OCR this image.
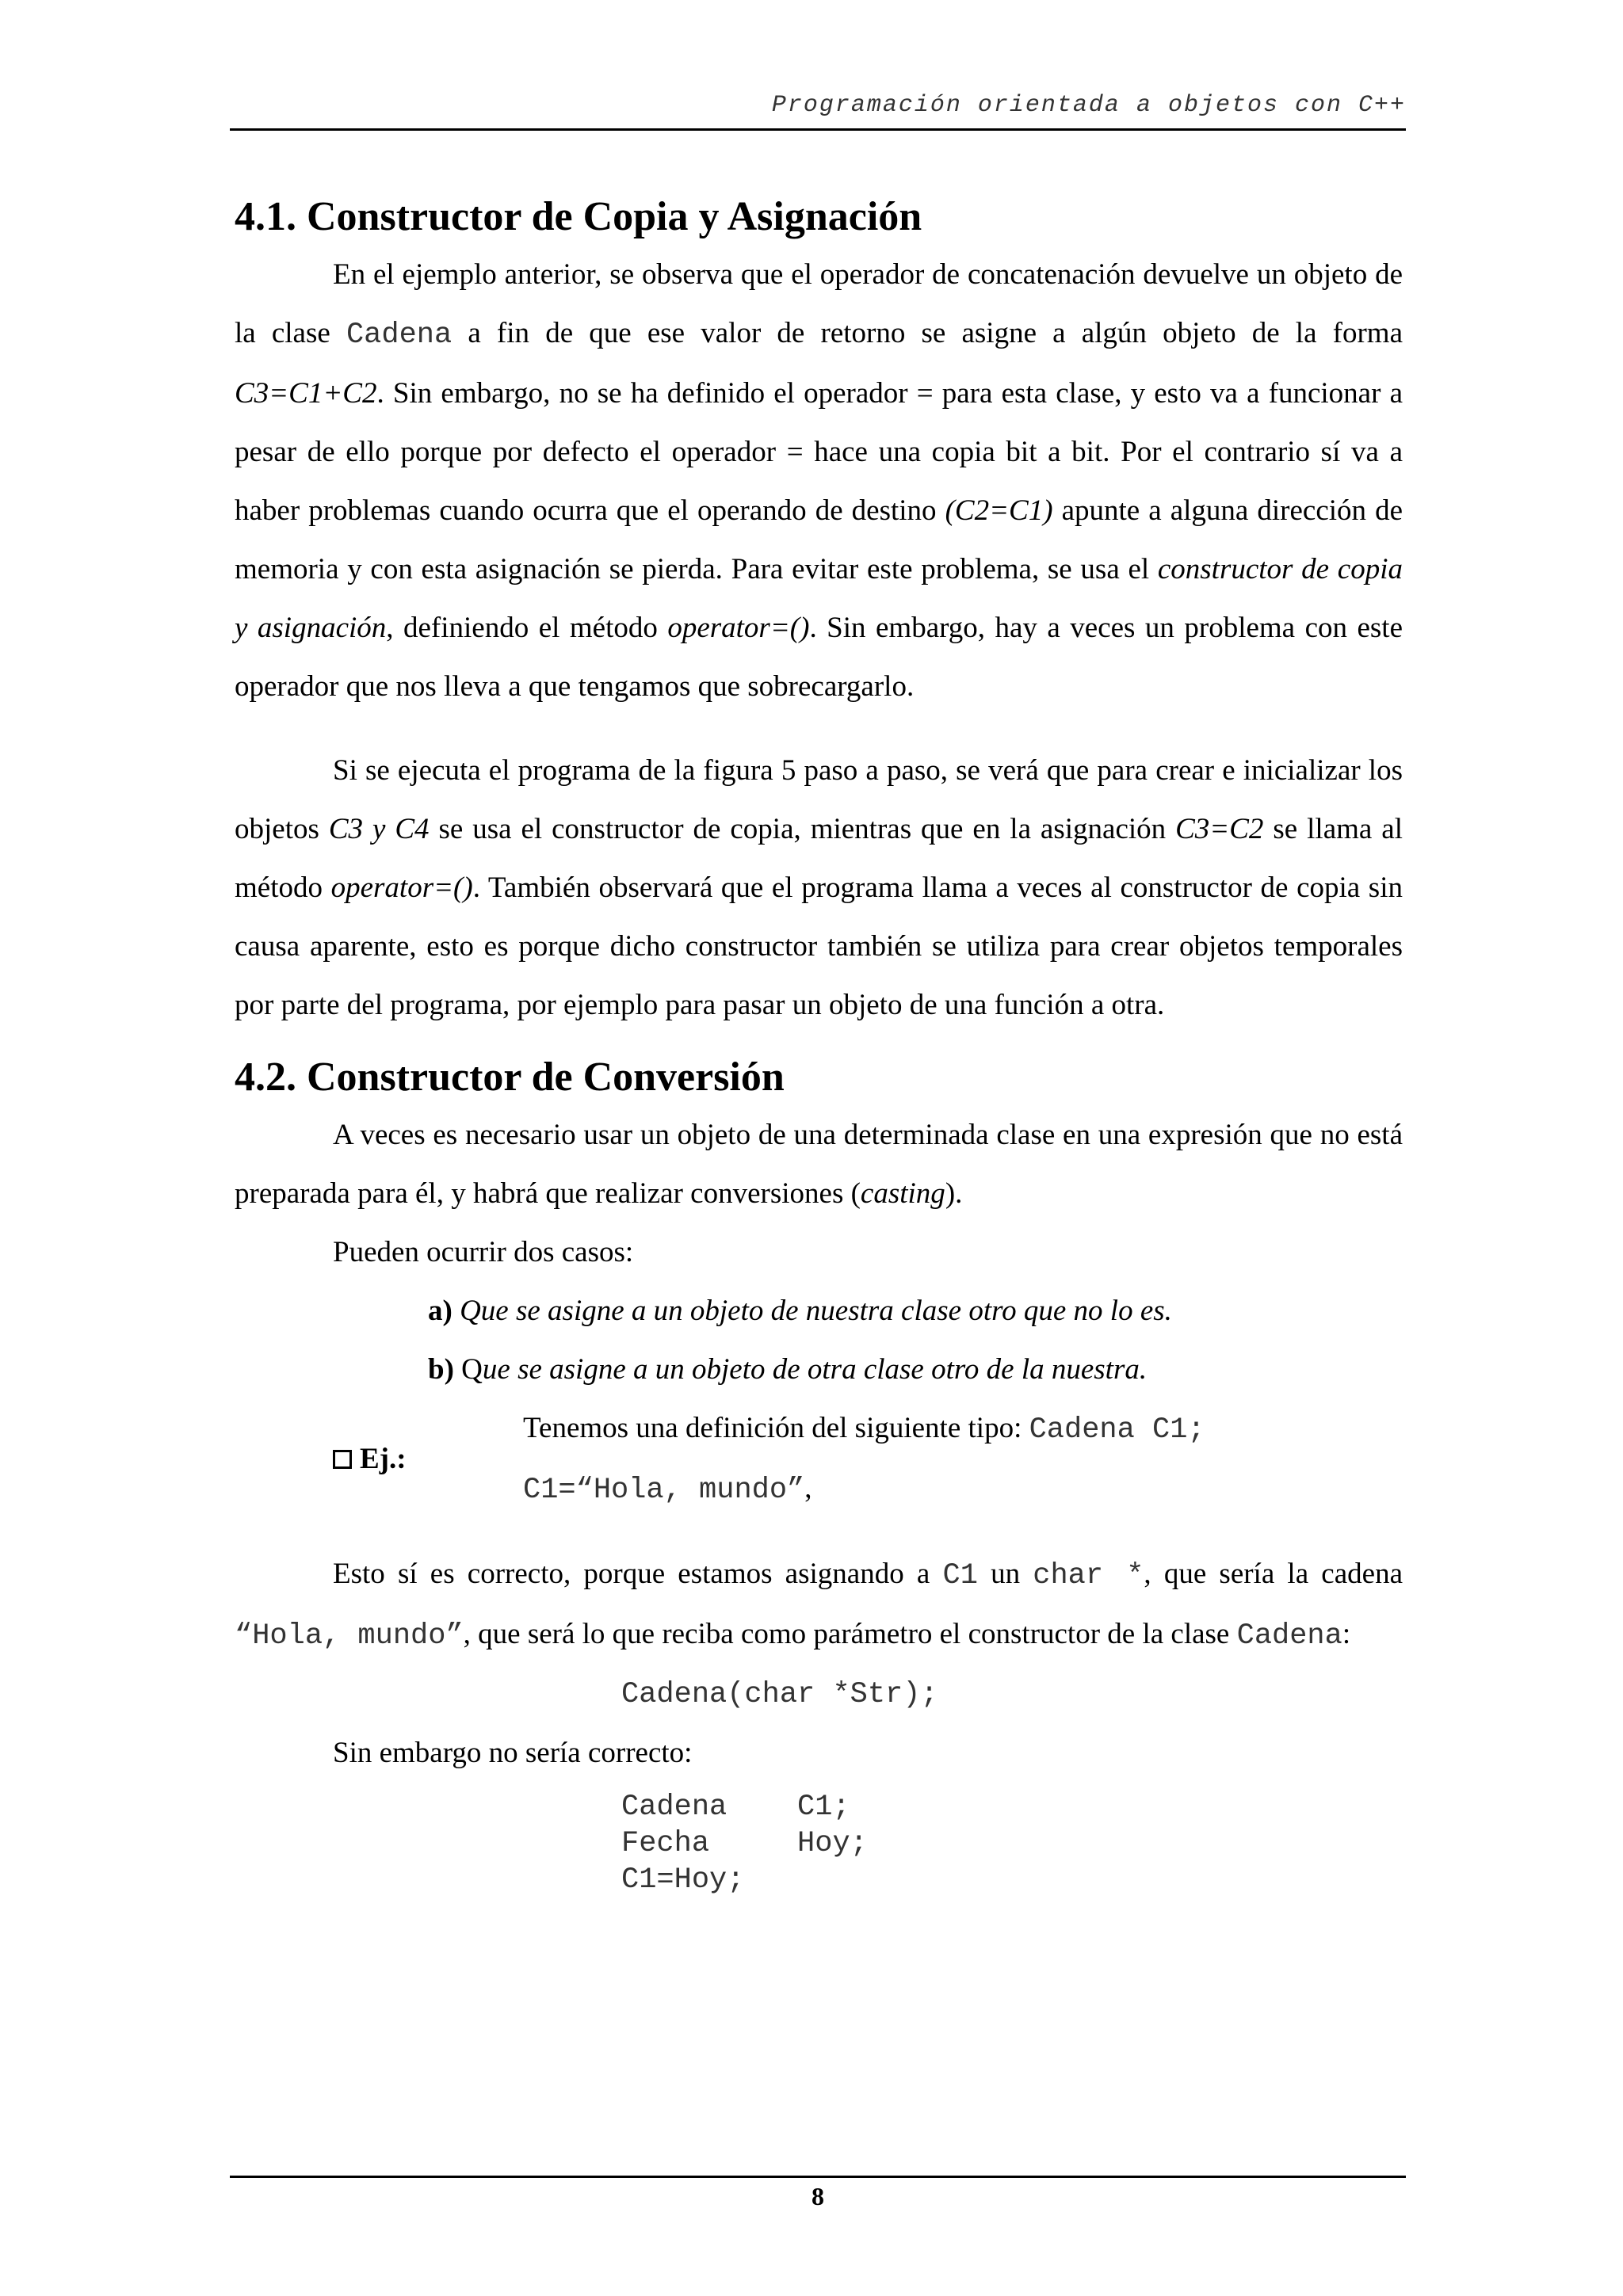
Programación orientada a objetos con C++
4.1. Constructor de Copia y Asignación

En el ejemplo anterior, se observa que el operador de concatenación devuelve un objeto de la clase Cadena a fin de que ese valor de retorno se asigne a algún objeto de la forma C3=C1+C2. Sin embargo, no se ha definido el operador = para esta clase, y esto va a funcionar a pesar de ello porque por defecto el operador = hace una copia bit a bit. Por el contrario sí va a haber problemas cuando ocurra que el operando de destino (C2=C1) apunte a alguna dirección de memoria y con esta asignación se pierda. Para evitar este problema, se usa el constructor de copia y asignación, definiendo el método operator=(). Sin embargo, hay a veces un problema con este operador que nos lleva a que tengamos que sobrecargarlo.

Si se ejecuta el programa de la figura 5 paso a paso, se verá que para crear e inicializar los objetos C3 y C4 se usa el constructor de copia, mientras que en la asignación C3=C2 se llama al método operator=(). También observará que el programa llama a veces al constructor de copia sin causa aparente, esto es porque dicho constructor también se utiliza para crear objetos temporales por parte del programa, por ejemplo para pasar un objeto de una función a otra.

4.2. Constructor de Conversión

A veces es necesario usar un objeto de una determinada clase en una expresión que no está preparada para él, y habrá que realizar conversiones (casting).

Pueden ocurrir dos casos:
a) Que se asigne a un objeto de nuestra clase otro que no lo es.
b) Que se asigne a un objeto de otra clase otro de la nuestra.
Ej.:
Tenemos una definición del siguiente tipo: Cadena C1;
C1=“Hola, mundo”,

Esto sí es correcto, porque estamos asignando a C1 un char *, que sería la cadena “Hola, mundo”, que será lo que reciba como parámetro el constructor de la clase Cadena:

Cadena(char *Str);
Sin embargo no sería correcto:
Cadena    C1;
Fecha     Hoy;
C1=Hoy;
8
